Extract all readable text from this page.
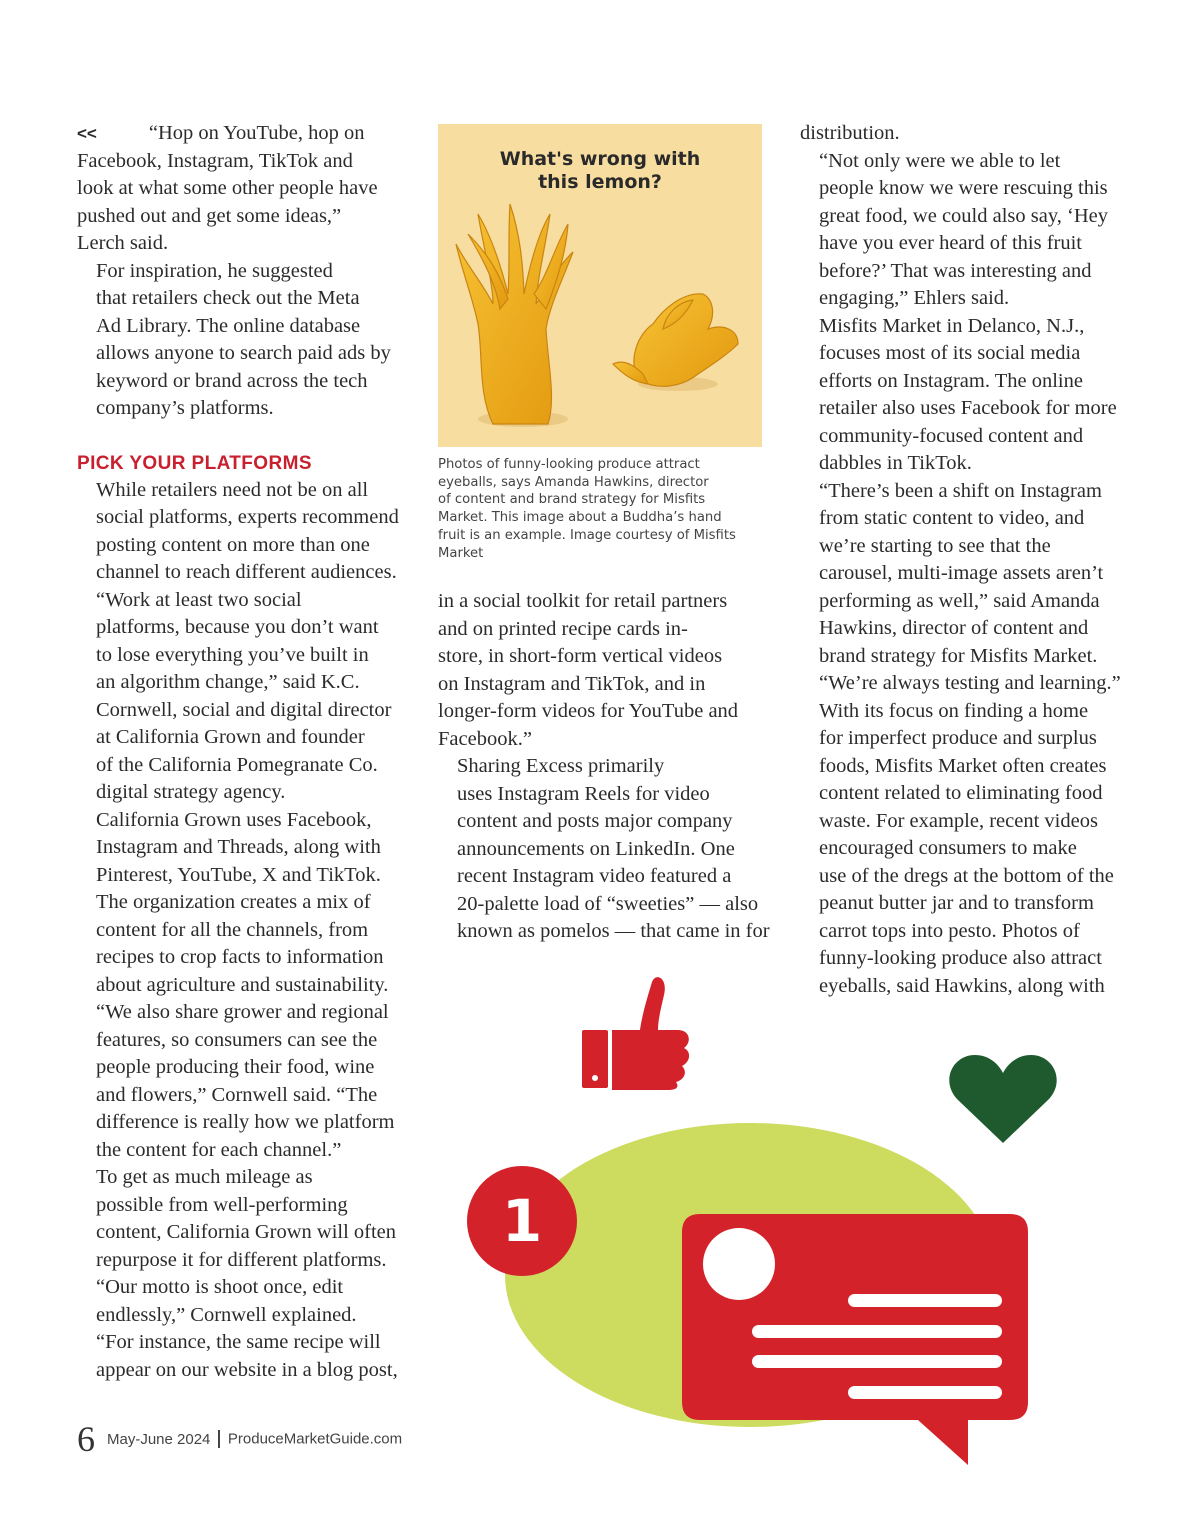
<<	“Hop on YouTube, hop on

Facebook, Instagram, TikTok and
look at what some other people have
pushed out and get some ideas,”
Lerch said.

For inspiration, he suggested

that retailers check out the Meta
Ad Library. The online database
allows anyone to search paid ads by
keyword or brand across the tech
company’s platforms.

PICK YOUR PLATFORMS

While retailers need not be on all

social platforms, experts recommend
posting content on more than one
channel to reach different audiences.

“Work at least two social

platforms, because you don’t want
to lose everything you’ve built in
an algorithm change,” said K.C.
Cornwell, social and digital director
at California Grown and founder
of the California Pomegranate Co.
digital strategy agency.

California Grown uses Facebook,

Instagram and Threads, along with
Pinterest, YouTube, X and TikTok.
The organization creates a mix of
content for all the channels, from
recipes to crop facts to information
about agriculture and sustainability.

“We also share grower and regional

features, so consumers can see the
people producing their food, wine
and flowers,” Cornwell said. “The
difference is really how we platform
the content for each channel.”

To get as much mileage as

possible from well-performing
content, California Grown will often
repurpose it for different platforms.

“Our motto is shoot once, edit

endlessly,” Cornwell explained.
“For instance, the same recipe will
appear on our website in a blog post,

What's wrong with

this lemon?
Photos of funny-looking produce attract

eyeballs, says Amanda Hawkins, director
of content and brand strategy for Misfits
Market. This image about a Buddha’s hand
fruit is an example. Image courtesy of Misfits
Market

in a social toolkit for retail partners

and on printed recipe cards in-
store, in short-form vertical videos
on Instagram and TikTok, and in
longer-form videos for YouTube and
Facebook.”

Sharing Excess primarily

uses Instagram Reels for video
content and posts major company
announcements on LinkedIn. One
recent Instagram video featured a
20-palette load of “sweeties” — also
known as pomelos — that came in for

distribution.

“Not only were we able to let

people know we were rescuing this
great food, we could also say, ‘Hey
have you ever heard of this fruit
before?’ That was interesting and
engaging,” Ehlers said.

Misfits Market in Delanco, N.J.,

focuses most of its social media
efforts on Instagram. The online
retailer also uses Facebook for more
community-focused content and
dabbles in TikTok.

“There’s been a shift on Instagram

from static content to video, and
we’re starting to see that the
carousel, multi-image assets aren’t
performing as well,” said Amanda
Hawkins, director of content and
brand strategy for Misfits Market.
“We’re always testing and learning.”

With its focus on finding a home

for imperfect produce and surplus
foods, Misfits Market often creates
content related to eliminating food
waste. For example, recent videos
encouraged consumers to make
use of the dregs at the bottom of the
peanut butter jar and to transform
carrot tops into pesto. Photos of
funny-looking produce also attract
eyeballs, said Hawkins, along with

1
6 May-June 2024 ProduceMarketGuide.com
